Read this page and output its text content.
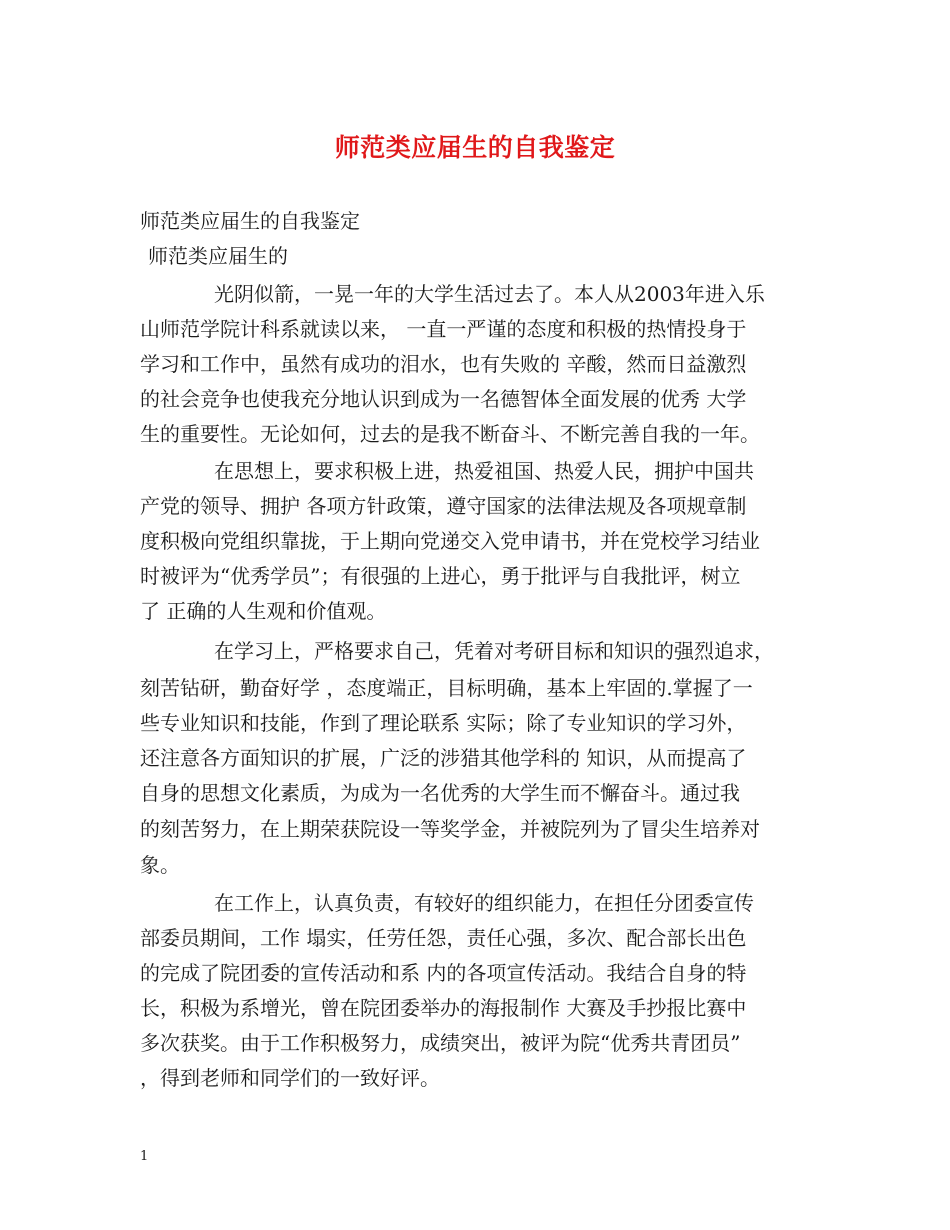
师范类应届生的自我鉴定
师范类应届生的自我鉴定
师范类应届生的
光阴似箭，一晃一年的大学生活过去了。本人从2003年进入乐
山师范学院计科系就读以来， 一直一严谨的态度和积极的热情投身于
学习和工作中，虽然有成功的泪水，也有失败的 辛酸，然而日益激烈
的社会竞争也使我充分地认识到成为一名德智体全面发展的优秀 大学
生的重要性。无论如何，过去的是我不断奋斗、不断完善自我的一年。
在思想上，要求积极上进，热爱祖国、热爱人民，拥护中国共
产党的领导、拥护 各项方针政策，遵守国家的法律法规及各项规章制
度积极向党组织靠拢，于上期向党递交入党申请书，并在党校学习结业
时被评为“优秀学员”；有很强的上进心，勇于批评与自我批评，树立
了 正确的人生观和价值观。
在学习上，严格要求自己，凭着对考研目标和知识的强烈追求，
刻苦钻研，勤奋好学 ，态度端正，目标明确，基本上牢固的.掌握了一
些专业知识和技能，作到了理论联系 实际；除了专业知识的学习外，
还注意各方面知识的扩展，广泛的涉猎其他学科的 知识，从而提高了
自身的思想文化素质，为成为一名优秀的大学生而不懈奋斗。通过我
的刻苦努力，在上期荣获院设一等奖学金，并被院列为了冒尖生培养对
象。
在工作上，认真负责，有较好的组织能力，在担任分团委宣传
部委员期间，工作 塌实，任劳任怨，责任心强，多次、配合部长出色
的完成了院团委的宣传活动和系 内的各项宣传活动。我结合自身的特
长，积极为系增光，曾在院团委举办的海报制作 大赛及手抄报比赛中
多次获奖。由于工作积极努力，成绩突出，被评为院“优秀共青团员”
，得到老师和同学们的一致好评。
1
